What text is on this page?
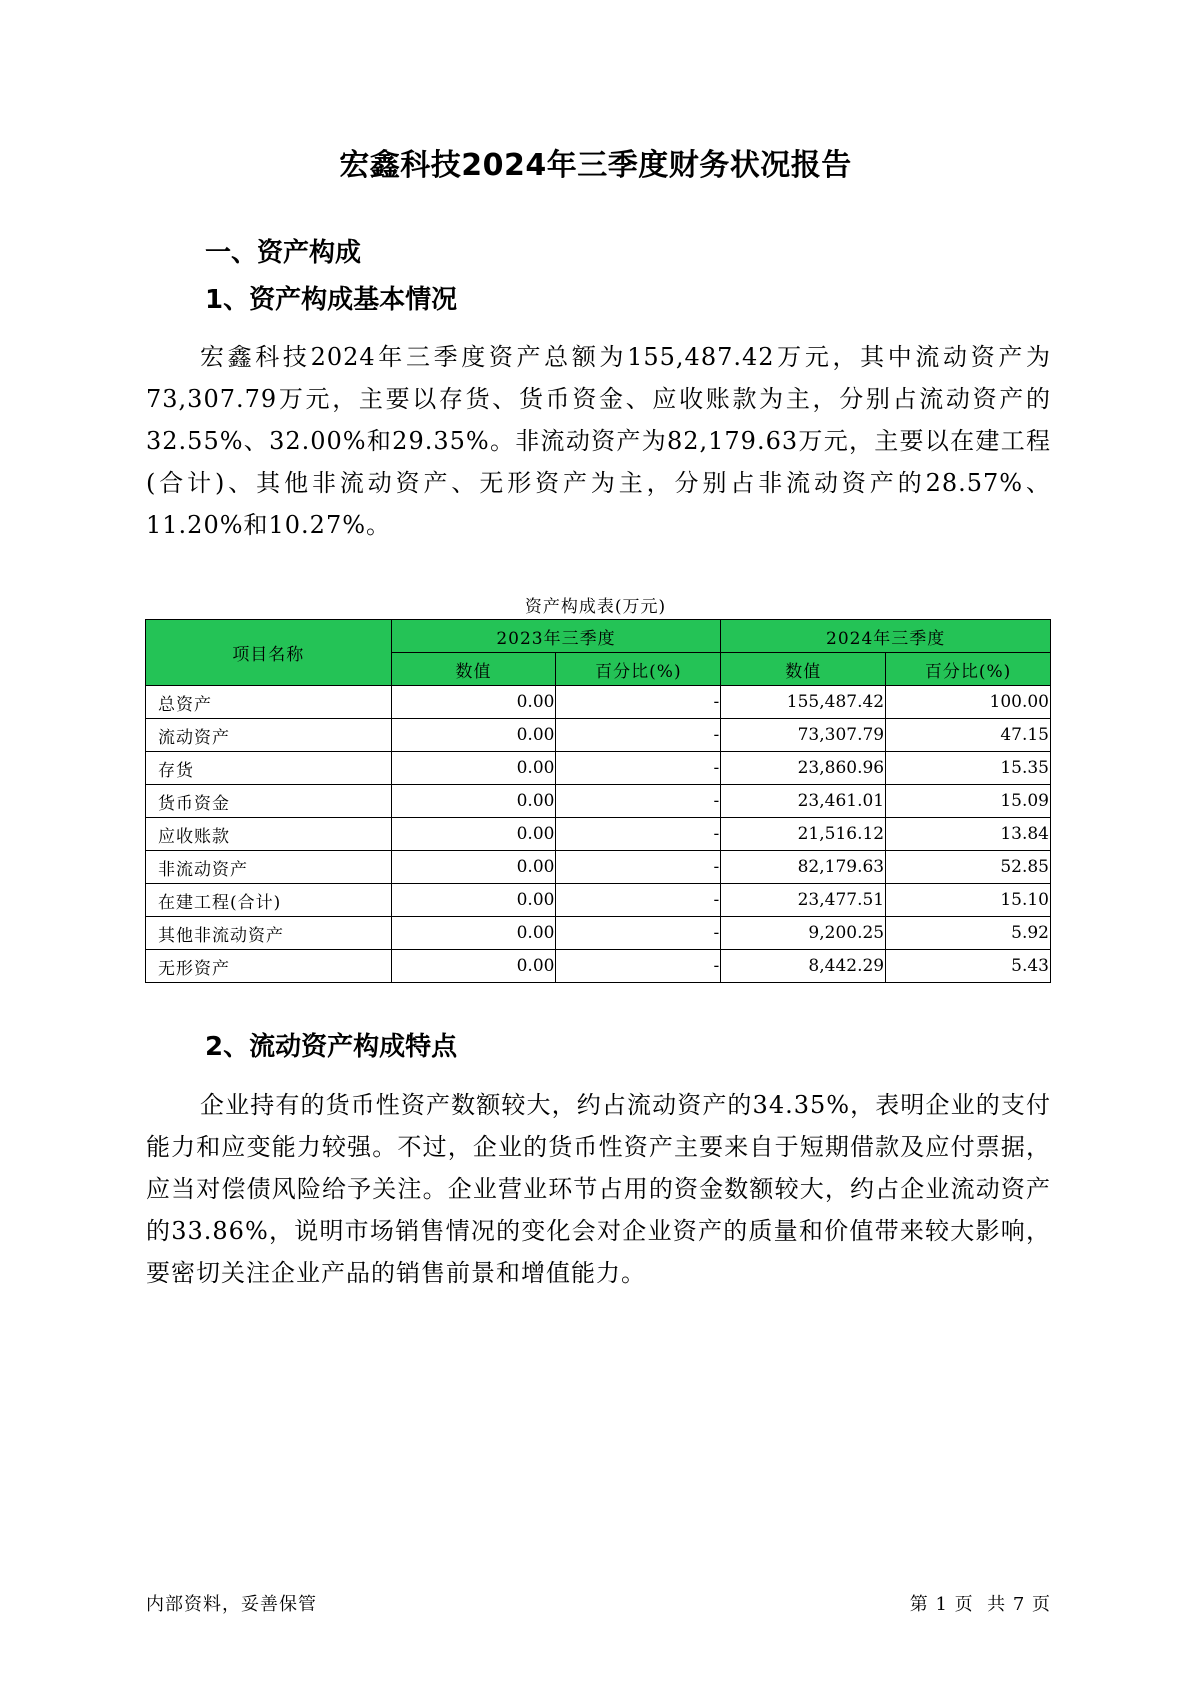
宏鑫科技2024年三季度财务状况报告
一、资产构成
1、资产构成基本情况

宏鑫科技2024年三季度资产总额为155,487.42万元，其中流动资产为73,307.79万元，主要以存货、货币资金、应收账款为主，分别占流动资产的32.55%、32.00%和29.35%。非流动资产为82,179.63万元，主要以在建工程(合计)、其他非流动资产、无形资产为主，分别占非流动资产的28.57%、11.20%和10.27%。

资产构成表(万元)
项目名称	2023年三季度		2024年三季度	
	数值	百分比(%)	数值	百分比(%)
总资产	0.00	-	155,487.42	100.00
流动资产	0.00	-	73,307.79	47.15
存货	0.00	-	23,860.96	15.35
货币资金	0.00	-	23,461.01	15.09
应收账款	0.00	-	21,516.12	13.84
非流动资产	0.00	-	82,179.63	52.85
在建工程(合计)	0.00	-	23,477.51	15.10
其他非流动资产	0.00	-	9,200.25	5.92
无形资产	0.00	-	8,442.29	5.43
2、流动资产构成特点

企业持有的货币性资产数额较大，约占流动资产的34.35%，表明企业的支付能力和应变能力较强。不过，企业的货币性资产主要来自于短期借款及应付票据，应当对偿债风险给予关注。企业营业环节占用的资金数额较大，约占企业流动资产的33.86%，说明市场销售情况的变化会对企业资产的质量和价值带来较大影响，要密切关注企业产品的销售前景和增值能力。

内部资料，妥善保管	第 1 页  共 7 页
